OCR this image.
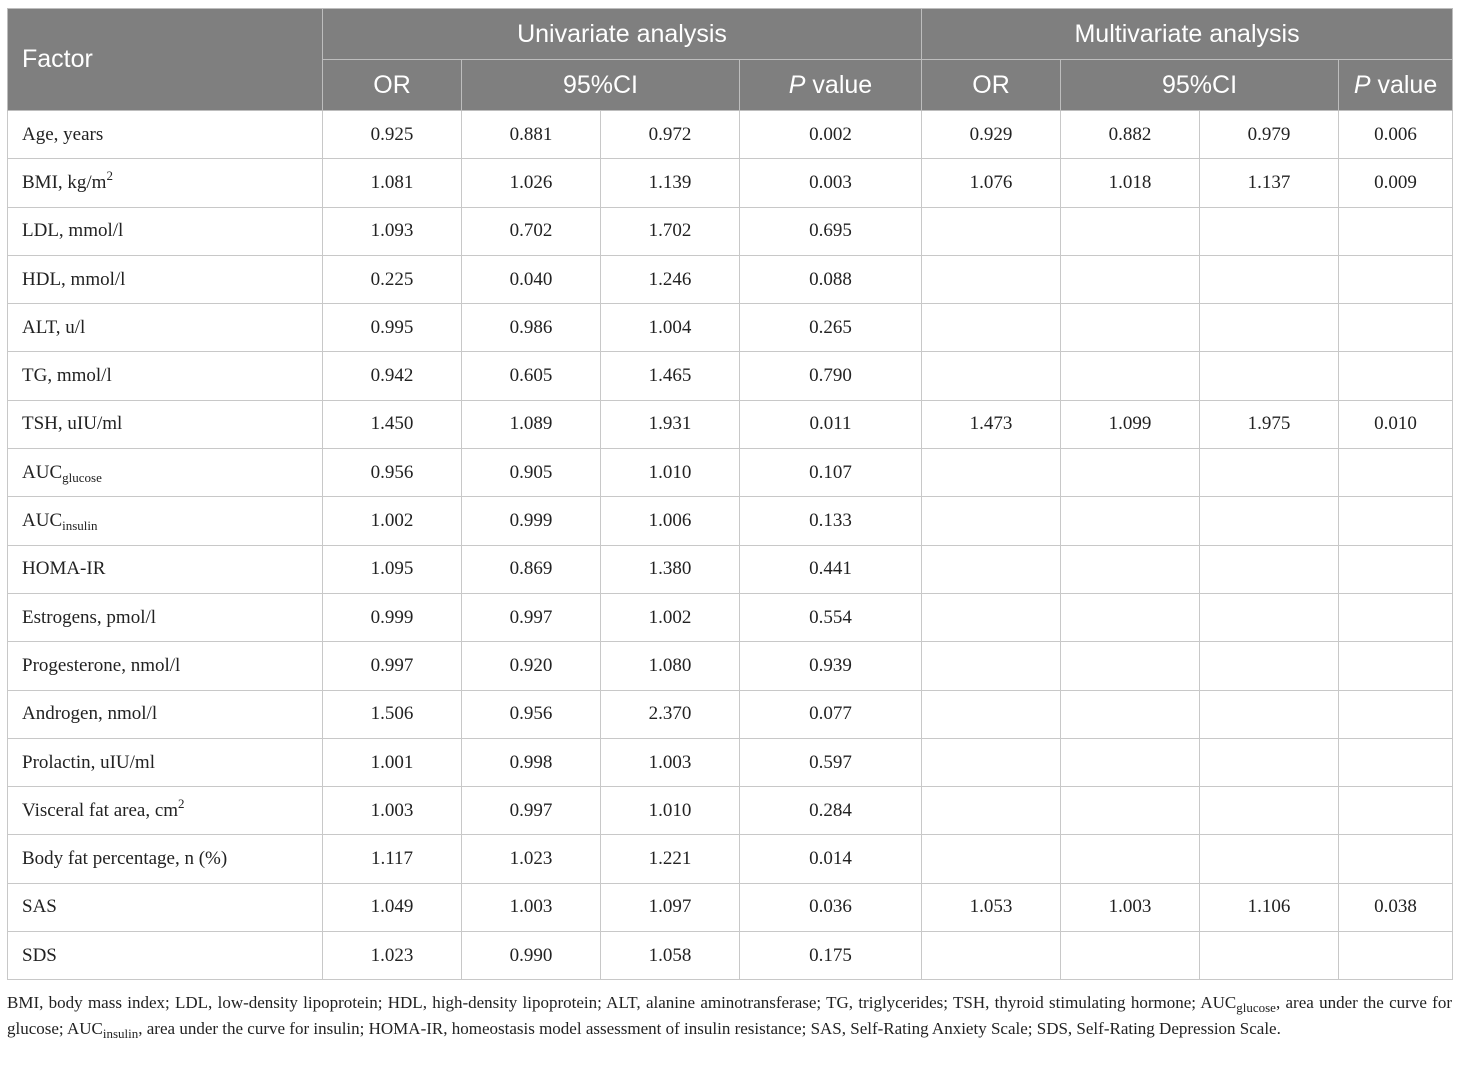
Factor	Univariate analysis				Multivariate analysis			
	OR	95%CI		P value	OR	95%CI		P value
Age, years	0.925	0.881	0.972	0.002	0.929	0.882	0.979	0.006
BMI, $kg/m^2$	1.081	1.026	1.139	0.003	1.076	1.018	1.137	0.009
LDL, mmol/l	1.093	0.702	1.702	0.695				
HDL, mmol/l	0.225	0.040	1.246	0.088				
ALT, u/l	0.995	0.986	1.004	0.265				
TG, mmol/l	0.942	0.605	1.465	0.790				
TSH, uIU/ml	1.450	1.089	1.931	0.011	1.473	1.099	1.975	0.010
$AUC_{glucose}$	0.956	0.905	1.010	0.107				
$AUC_{insulin}$	1.002	0.999	1.006	0.133				
HOMA-IR	1.095	0.869	1.380	0.441				
Estrogens, pmol/l	0.999	0.997	1.002	0.554				
Progesterone, nmol/l	0.997	0.920	1.080	0.939				
Androgen, nmol/l	1.506	0.956	2.370	0.077				
Prolactin, uIU/ml	1.001	0.998	1.003	0.597				
Visceral fat area, $cm^2$	1.003	0.997	1.010	0.284				
Body fat percentage, n (%)	1.117	1.023	1.221	0.014				
SAS	1.049	1.003	1.097	0.036	1.053	1.003	1.106	0.038
SDS	1.023	0.990	1.058	0.175				

BMI, body mass index; LDL, low-density lipoprotein; HDL, high-density lipoprotein; ALT, alanine aminotransferase; TG, triglycerides; TSH, thyroid stimulating hormone; $AUC_{glucose}$, area under the curve for glucose; $AUC_{insulin}$, area under the curve for insulin; HOMA-IR, homeostasis model assessment of insulin resistance; SAS, Self-Rating Anxiety Scale; SDS, Self-Rating Depression Scale.
